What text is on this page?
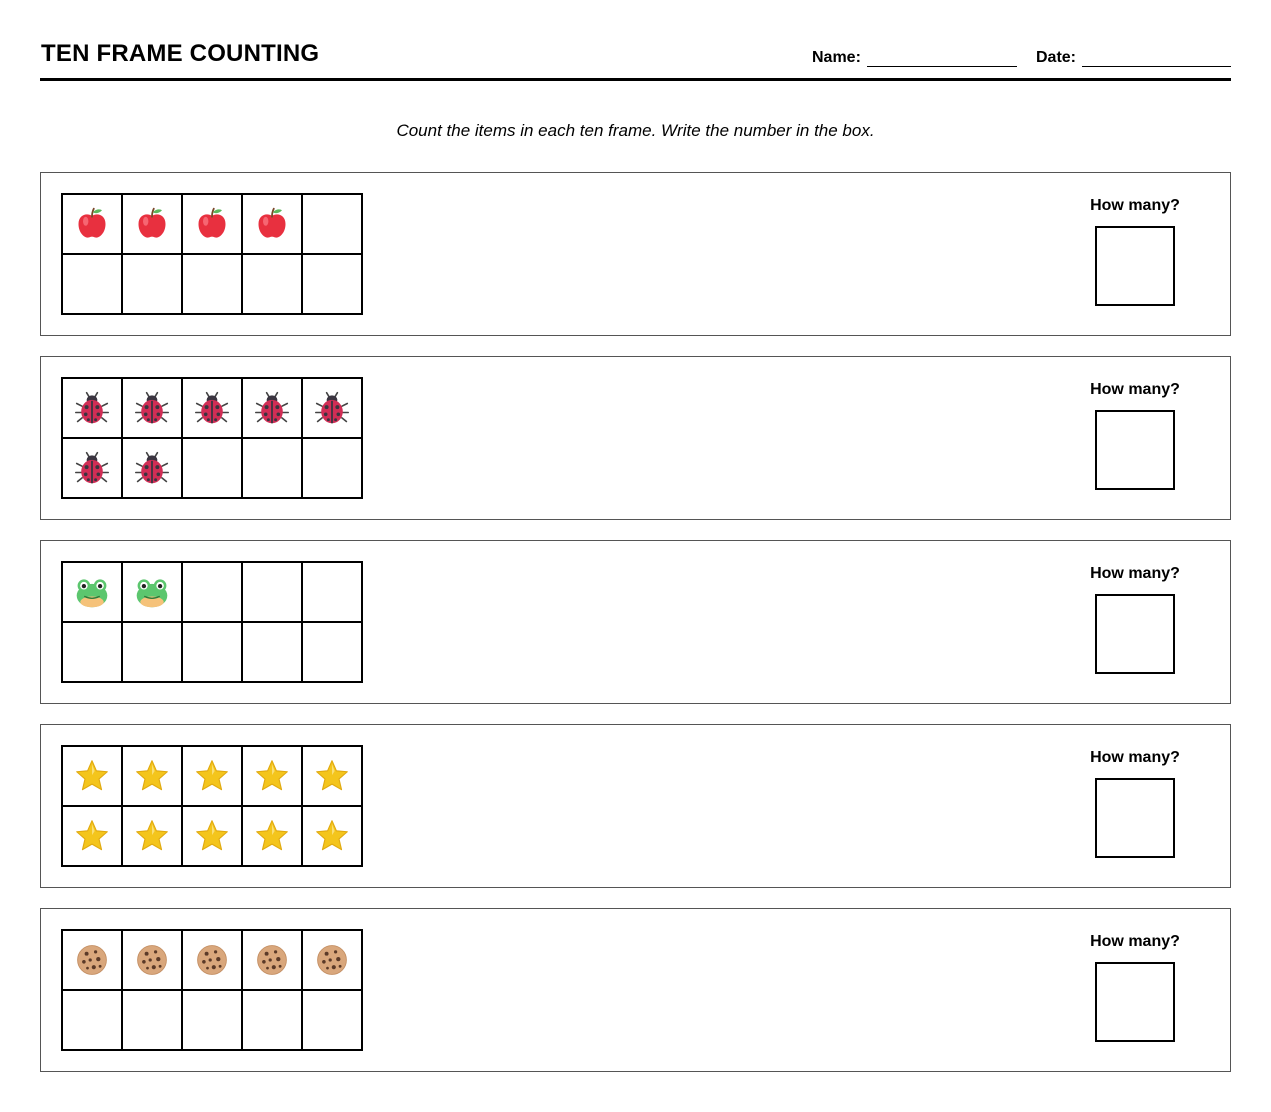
TEN FRAME COUNTING	Name:	Date:
Count the items in each ten frame. Write the number in the box.
How many?
How many?
How many?
How many?
How many?
